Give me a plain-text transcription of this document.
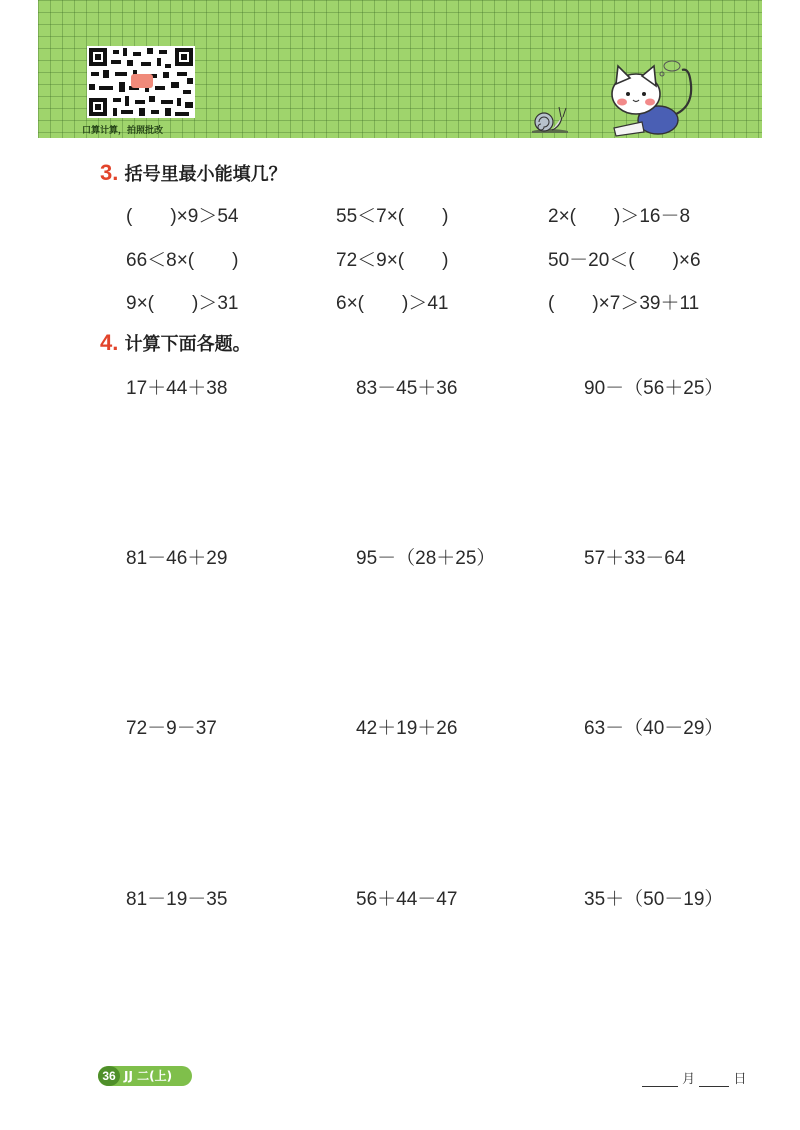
口算计算，拍照批改
3. 括号里最小能填几？
(　　)×9＞54	55＜7×(　　)	2×(　　)＞16－8
66＜8×(　　)	72＜9×(　　)	50－20＜(　　)×6
9×(　　)＞31	6×(　　)＞41	(　　)×7＞39＋11
4. 计算下面各题。
17＋44＋38	83－45＋36	90－（56＋25）
81－46＋29	95－（28＋25）	57＋33－64
72－9－37	42＋19＋26	63－（40－29）
81－19－35	56＋44－47	35＋（50－19）
36 JJ 二(上)	月	日
